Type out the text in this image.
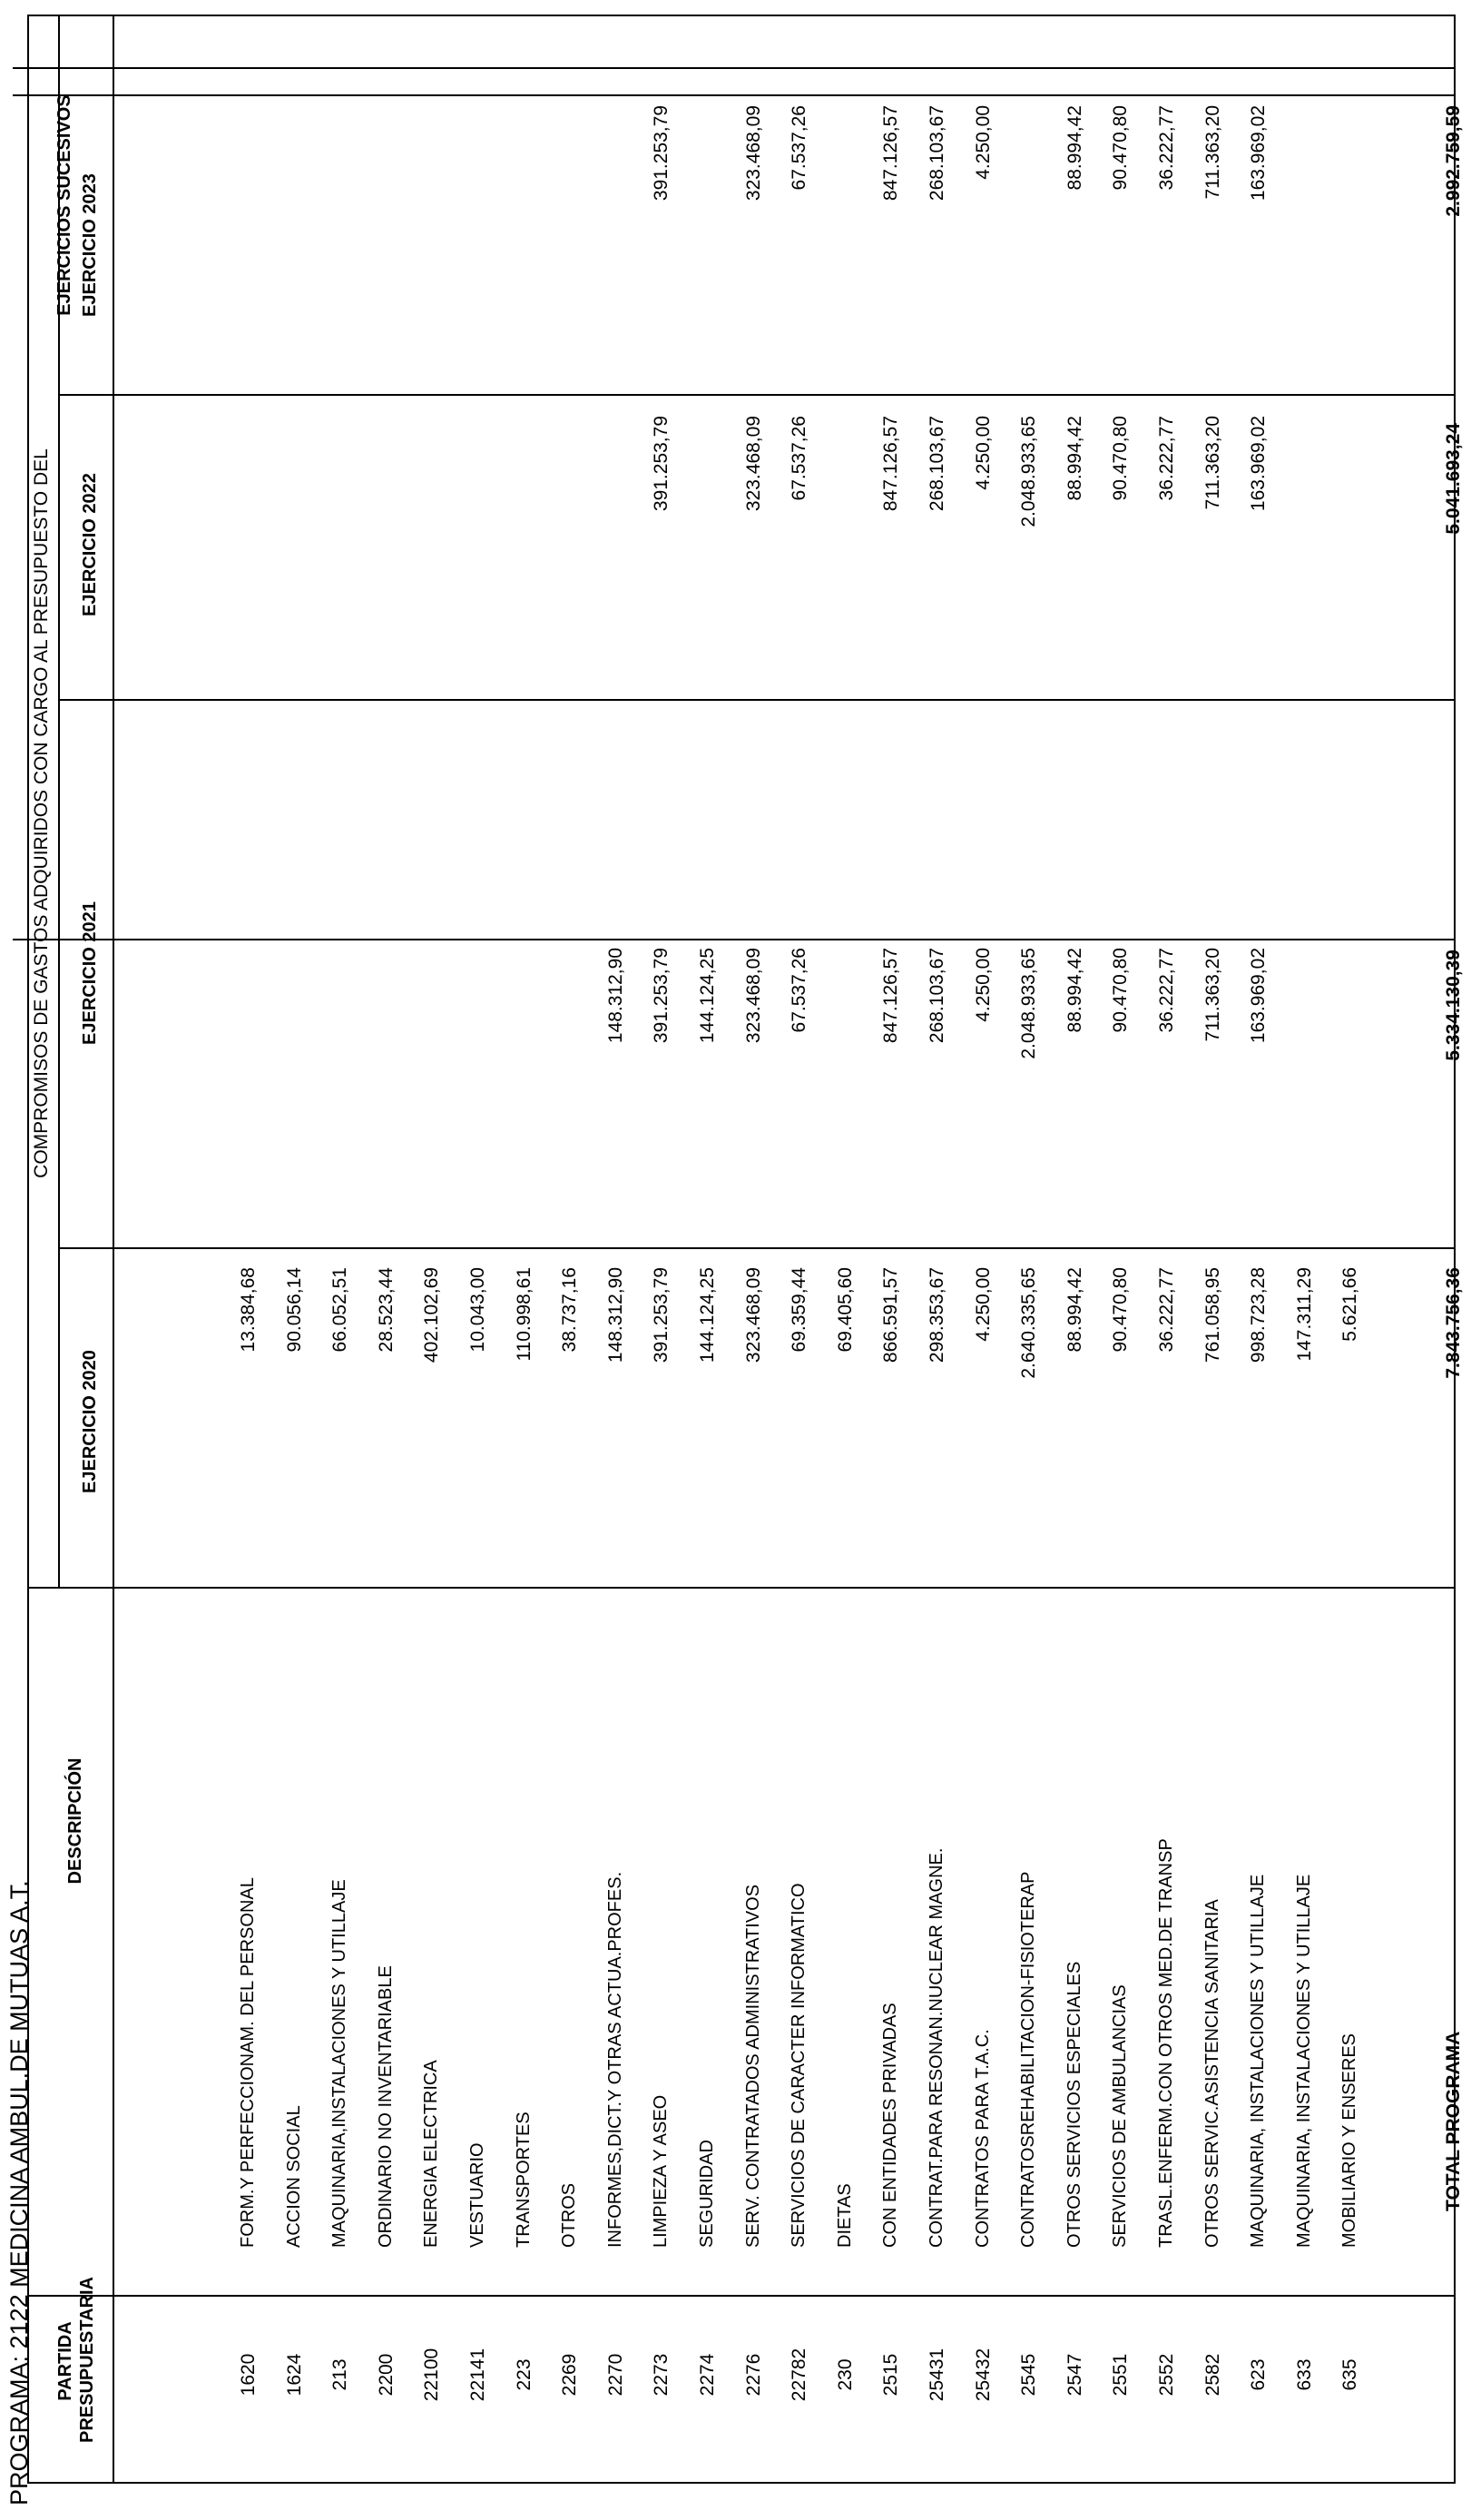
PROGRAMA: 2122 MEDICINA AMBUL.DE MUTUAS A.T. PARTIDA PRESUPUESTARIA
DESCRIPCIÓN
COMPROMISOS DE GASTOS ADQUIRIDOS CON CARGO AL PRESUPUESTO DEL
EJERCICIO 2020
EJERCICIO 2021
EJERCICIO 2022
EJERCICIO 2023
EJERCICIOS SUCESIVOS
1620
FORM.Y PERFECCIONAM. DEL PERSONAL
13.384,68
1624
ACCION SOCIAL
90.056,14
213
MAQUINARIA,INSTALACIONES Y UTILLAJE
66.052,51
2200
ORDINARIO NO INVENTARIABLE
28.523,44
22100
ENERGIA ELECTRICA
402.102,69
22141
VESTUARIO
10.043,00
223
TRANSPORTES
110.998,61
2269
OTROS
38.737,16
2270
INFORMES,DICT.Y OTRAS ACTUA.PROFES.
148.312,90
148.312,90
2273
LIMPIEZA Y ASEO
391.253,79
391.253,79
391.253,79
391.253,79
2274
SEGURIDAD
144.124,25
144.124,25
2276
SERV. CONTRATADOS ADMINISTRATIVOS
323.468,09
323.468,09
323.468,09
323.468,09
22782
SERVICIOS DE CARACTER INFORMATICO
69.359,44
67.537,26
67.537,26
67.537,26
230
DIETAS
69.405,60
2515
CON ENTIDADES PRIVADAS
866.591,57
847.126,57
847.126,57
847.126,57
25431
CONTRAT.PARA RESONAN.NUCLEAR MAGNE.
298.353,67
268.103,67
268.103,67
268.103,67
25432
CONTRATOS PARA T.A.C.
4.250,00
4.250,00
4.250,00
4.250,00
2545
CONTRATOSREHABILITACION-FISIOTERAP
2.640.335,65
2.048.933,65
2.048.933,65
2547
OTROS SERVICIOS ESPECIALES
88.994,42
88.994,42
88.994,42
88.994,42
2551
SERVICIOS DE AMBULANCIAS
90.470,80
90.470,80
90.470,80
90.470,80
2552
TRASL.ENFERM.CON OTROS MED.DE TRANSP
36.222,77
36.222,77
36.222,77
36.222,77
2582
OTROS SERVIC.ASISTENCIA SANITARIA
761.058,95
711.363,20
711.363,20
711.363,20
623
MAQUINARIA, INSTALACIONES Y UTILLAJE
998.723,28
163.969,02
163.969,02
163.969,02
633
MAQUINARIA, INSTALACIONES Y UTILLAJE
147.311,29
635
MOBILIARIO Y ENSERES
5.621,66
TOTAL PROGRAMA
7.843.756,36
5.334.130,39
5.041.693,24
2.992.759,59
